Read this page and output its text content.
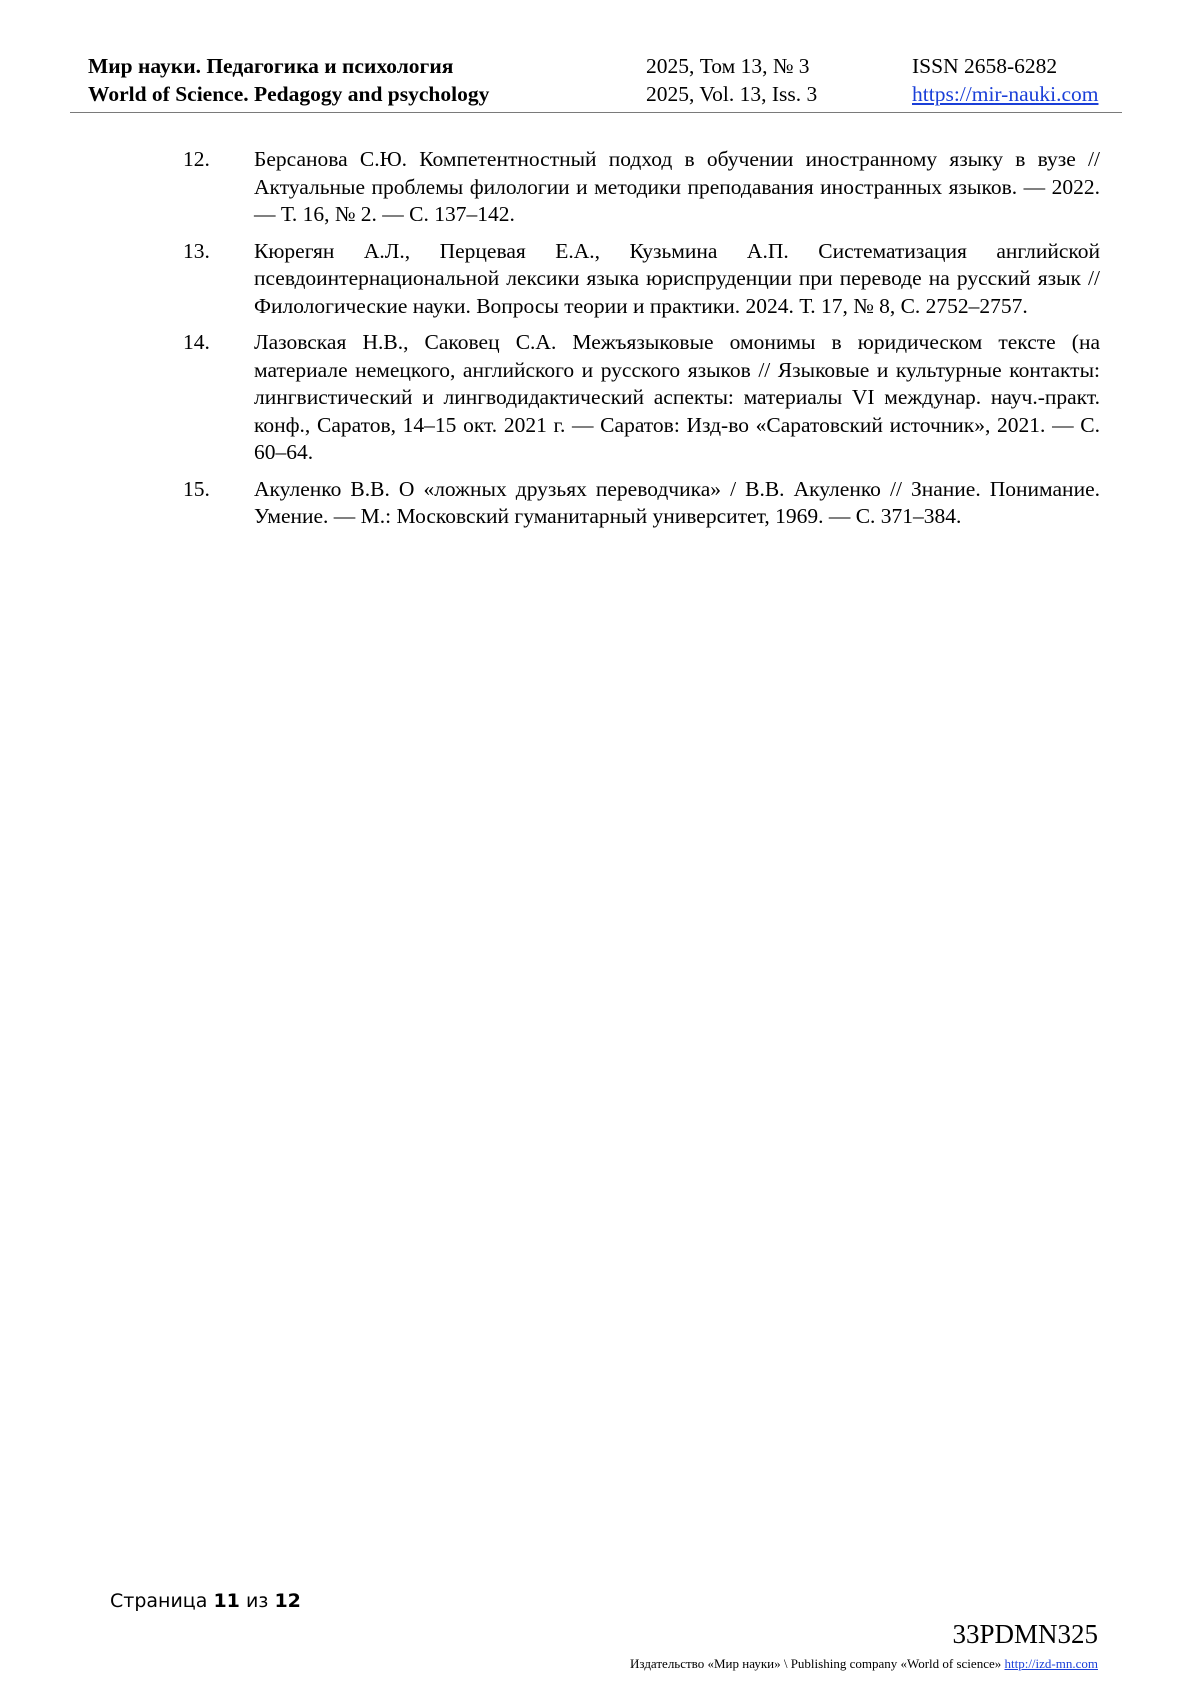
Мир науки. Педагогика и психология
World of Science. Pedagogy and psychology
2025, Том 13, № 3
2025, Vol. 13, Iss. 3
ISSN 2658-6282
https://mir-nauki.com
12.	Берсанова С.Ю. Компетентностный подход в обучении иностранному языку в вузе // Актуальные проблемы филологии и методики преподавания иностранных языков. — 2022. — Т. 16, № 2. — С. 137–142.
13.	Кюрегян А.Л., Перцевая Е.А., Кузьмина А.П. Систематизация английской псевдоинтернациональной лексики языка юриспруденции при переводе на русский язык // Филологические науки. Вопросы теории и практики. 2024. Т. 17, № 8, С. 2752–2757.
14.	Лазовская Н.В., Саковец С.А. Межъязыковые омонимы в юридическом тексте (на материале немецкого, английского и русского языков // Языковые и культурные контакты: лингвистический и лингводидактический аспекты: материалы VI междунар. науч.-практ. конф., Саратов, 14–15 окт. 2021 г. — Саратов: Изд-во «Саратовский источник», 2021. — С. 60–64.
15.	Акуленко В.В. О «ложных друзьях переводчика» / В.В. Акуленко // Знание. Понимание. Умение. — М.: Московский гуманитарный университет, 1969. — С. 371–384.
Страница 11 из 12
33PDMN325
Издательство «Мир науки» \ Publishing company «World of science» http://izd-mn.com
